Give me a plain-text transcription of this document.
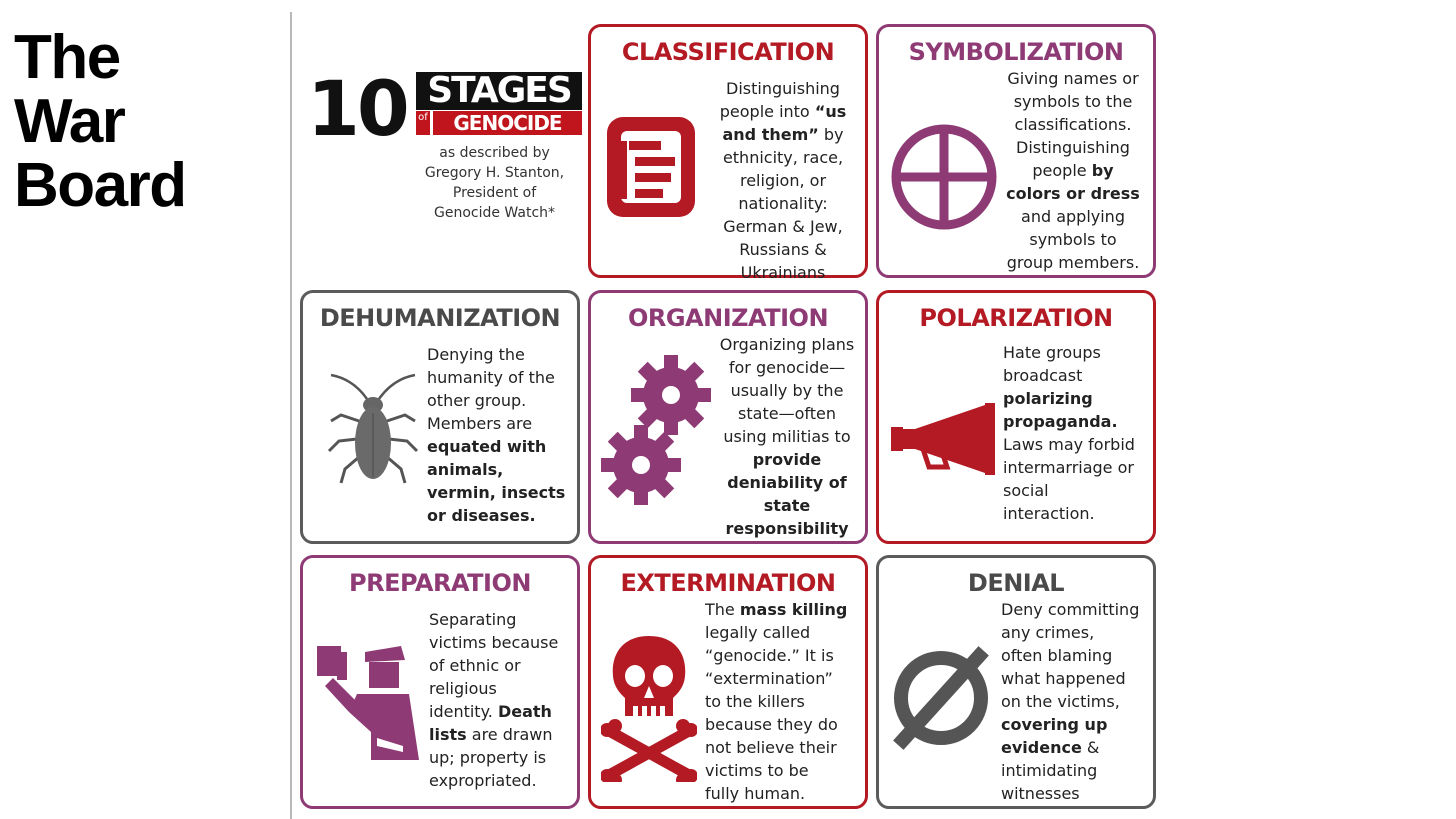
The
War
Board
10 STAGES
of	GENOCIDE
as described by
Gregory H. Stanton,
President of
Genocide Watch*
CLASSIFICATION
Distinguishing
people into “us
and them” by
ethnicity, race,
religion, or
nationality:
German & Jew,
Russians & Ukrainians
SYMBOLIZATION
Giving names or
symbols to the
classifications.
Distinguishing
people by
colors or dress
and applying
symbols to
group members.
DEHUMANIZATION
Denying the
humanity of the
other group.
Members are
equated with
animals,
vermin, insects
or diseases.
ORGANIZATION
Organizing plans
for genocide—
usually by the
state—often
using militias to
provide
deniability of
state
responsibility
POLARIZATION
Hate groups
broadcast
polarizing
propaganda.
Laws may forbid
intermarriage or
social
interaction.
PREPARATION
Separating
victims because
of ethnic or
religious
identity. Death
lists are drawn
up; property is
expropriated.
EXTERMINATION
The mass killing
legally called
“genocide.” It is
“extermination”
to the killers
because they do
not believe their
victims to be
fully human.
DENIAL
Deny committing
any crimes,
often blaming
what happened
on the victims,
covering up
evidence &
intimidating
witnesses
